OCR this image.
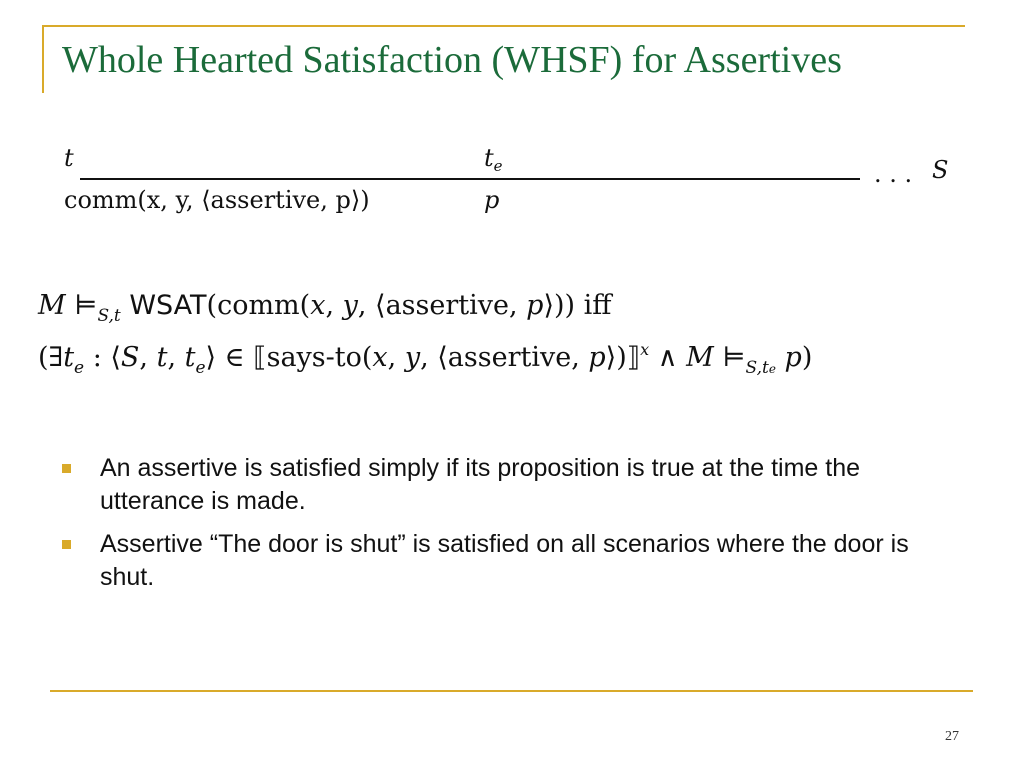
Whole Hearted Satisfaction (WHSF) for Assertives
t	$t_e$	. . . S
comm(x, y, ⟨assertive, p⟩)	p
M $⊨_{S,t}$ WSAT(comm(x, y, ⟨assertive, p⟩)) iff
($\exists t_e$ : ⟨S, t, $t_e⟩$ ∈ ⟦says-to(x, y, ⟨assertive, p⟩)⟧$^x$ ∧ M $⊨_{S,te}$ p)
An assertive is satisfied simply if its proposition is true at the time the utterance is made.
Assertive “The door is shut” is satisfied on all scenarios where the door is shut.
27
